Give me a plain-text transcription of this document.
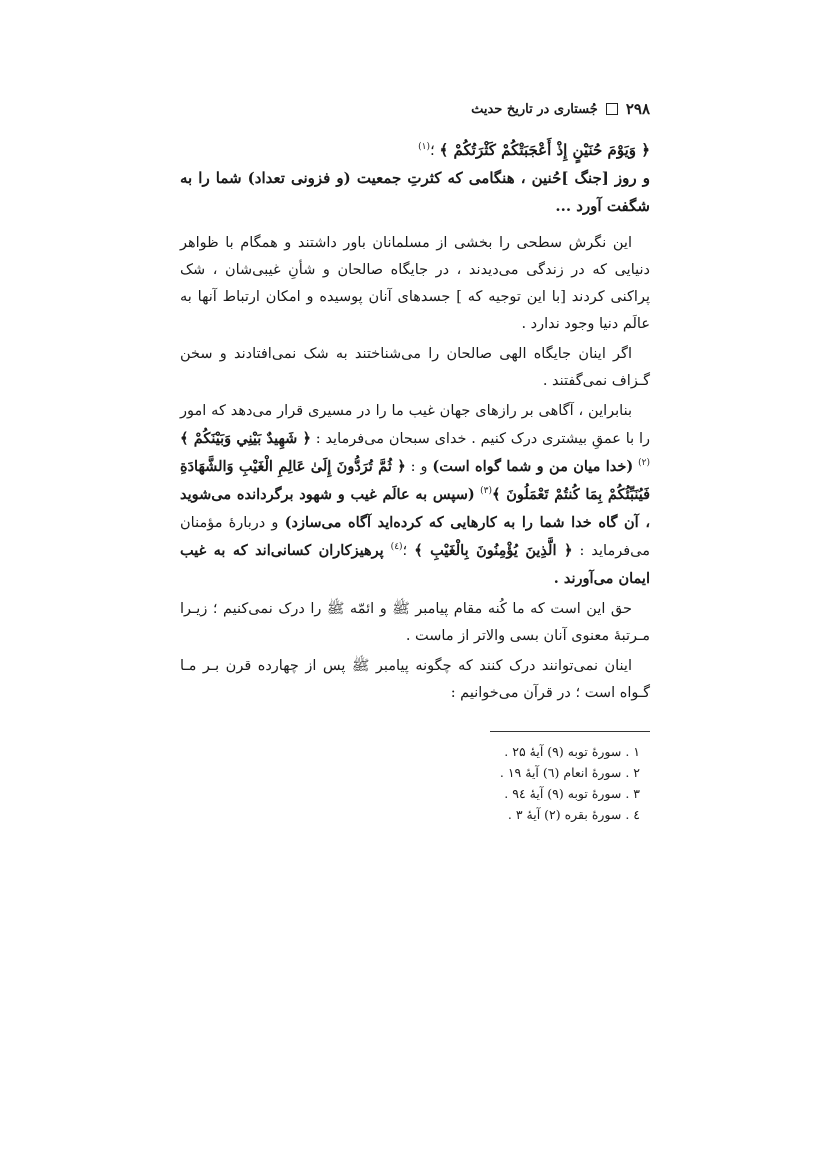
۲۹۸
جُستاری در تاریخ حدیث
﴿ وَيَوْمَ حُنَيْنٍ إِذْ أَعْجَبَتْكُمْ كَثْرَتُكُمْ ﴾ ؛$^{(۱)}$
و روز [جنگ ]حُنین ، هنگامی که کثرتِ جمعیت (و فزونی تعداد) شما را به شگفت آورد ...

این نگرش سطحی را بخشی از مسلمانان باور داشتند و همگام با ظواهر دنیایی که در زندگی می‌دیدند ، در جایگاه صالحان و شأنِ غیبی‌شان ، شک پراکنی کردند [با این توجیه که ] جسدهای آنان پوسیده و امکان ارتباط آنها به عالَم دنیا وجود ندارد .

اگر اینان جایگاه الهی صالحان را می‌شناختند به شک نمی‌افتادند و سخن گـزاف نمی‌گفتند .

بنابراین ، آگاهی بر رازهای جهان غیب ما را در مسیری قرار می‌دهد که امور را با عمقِ بیشتری درک کنیم . خدای سبحان می‌فرماید : ﴿ شَهِيدٌ بَيْنِي وَبَيْنَكُمْ ﴾$^{(۲)}$ (خدا میان من و شما گواه است) و : ﴿ ثُمَّ تُرَدُّونَ إِلَىٰ عَالِمِ الْغَيْبِ وَالشَّهَادَةِ فَيُنَبِّئُكُمْ بِمَا كُنتُمْ تَعْمَلُونَ ﴾$^{(۳)}$ (سپس به عالَم غیب و شهود برگردانده می‌شوید ، آن گاه خدا شما را به کارهایی که کرده‌اید آگاه می‌سازد) و دربارهٔ مؤمنان می‌فرماید : ﴿ الَّذِينَ يُؤْمِنُونَ بِالْغَيْبِ ﴾ ؛$^{(٤)}$ پرهیزکاران کسانی‌اند که به غیب ایمان می‌آورند .

حق این است که ما کُنه مقام پیامبر ﷺ و ائمّه ﷺ را درک نمی‌کنیم ؛ زیـرا مـرتبهٔ معنوی آنان بسی والاتر از ماست .

اینان نمی‌توانند درک کنند که چگونه پیامبر ﷺ پس از چهارده قرن بـر مـا گـواه است ؛ در قرآن می‌خوانیم :

۱ . سورهٔ توبه (۹) آیهٔ ۲۵ .
۲ . سورهٔ انعام (٦) آیهٔ ۱۹ .
۳ . سورهٔ توبه (۹) آیهٔ ۹٤ .
٤ . سورهٔ بقره (۲) آیهٔ ۳ .
